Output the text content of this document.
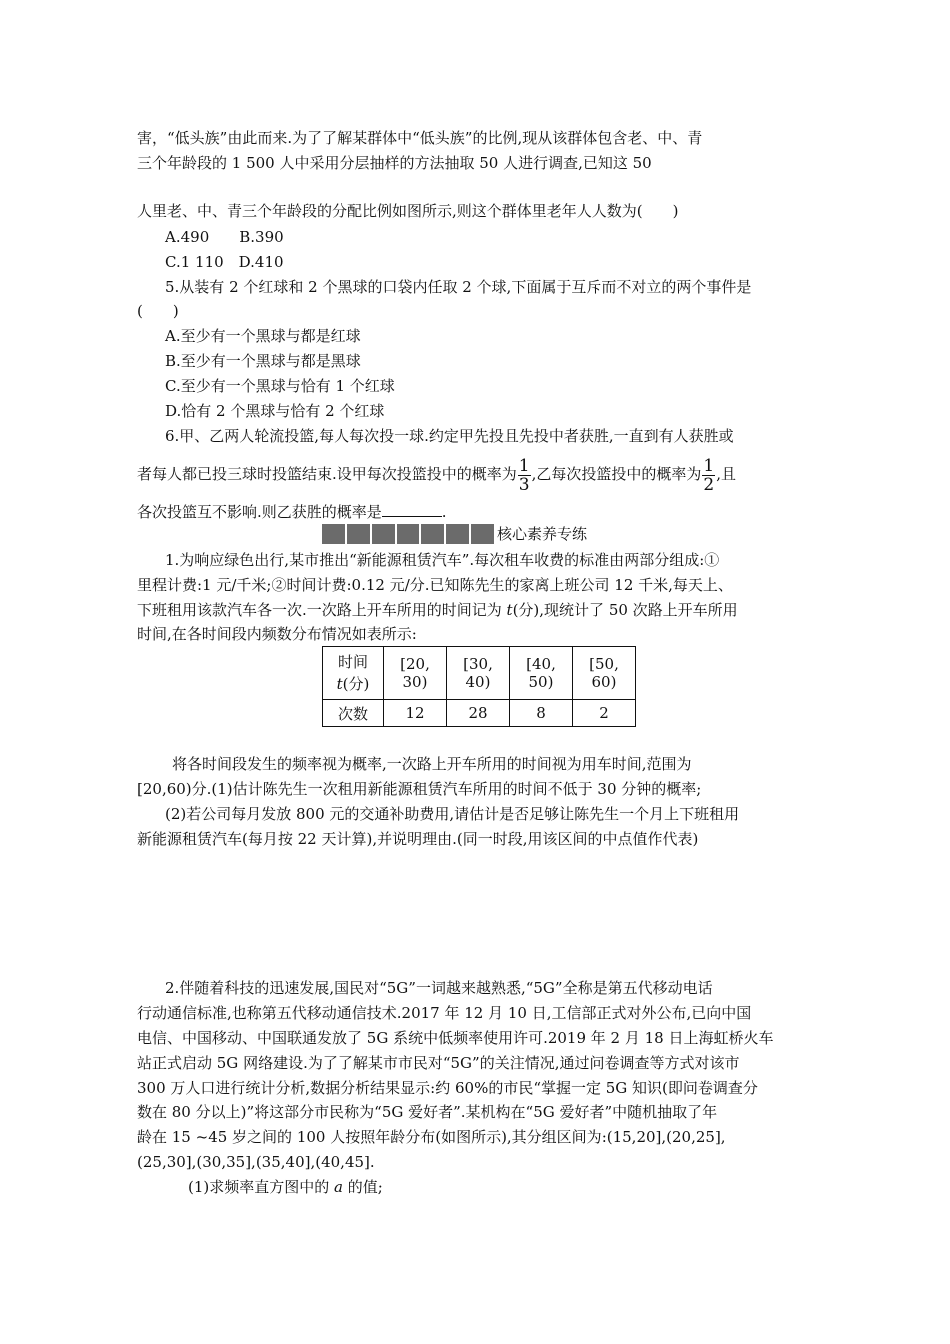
害，“低头族”由此而来.为了了解某群体中“低头族”的比例,现从该群体包含老、中、青
三个年龄段的 1 500 人中采用分层抽样的方法抽取 50 人进行调查,已知这 50
人里老、中、青三个年龄段的分配比例如图所示,则这个群体里老年人人数为(　　)
A.490　　B.390
C.1 110　D.410
5.从装有 2 个红球和 2 个黑球的口袋内任取 2 个球,下面属于互斥而不对立的两个事件是
(　　)
A.至少有一个黑球与都是红球
B.至少有一个黑球与都是黑球
C.至少有一个黑球与恰有 1 个红球
D.恰有 2 个黑球与恰有 2 个红球
6.甲、乙两人轮流投篮,每人每次投一球.约定甲先投且先投中者获胜,一直到有人获胜或
者每人都已投三球时投篮结束.设甲每次投篮投中的概率为 $\frac{1}{3}$ ,乙每次投篮投中的概率为 $\frac{1}{2}$ ,且
各次投篮互不影响.则乙获胜的概率是	.
核心素养专练
1.为响应绿色出行,某市推出“新能源租赁汽车”.每次租车收费的标准由两部分组成:①
里程计费:1 元/千米;②时间计费:0.12 元/分.已知陈先生的家离上班公司 12 千米,每天上、
下班租用该款汽车各一次.一次路上开车所用的时间记为 t(分),现统计了 50 次路上开车所用
时间,在各时间段内频数分布情况如表所示:
时间
t(分)	[20, 30)	[30, 40)	[40, 50)	[50, 60)
次数	12	28	8	2
将各时间段发生的频率视为概率,一次路上开车所用的时间视为用车时间,范围为
[20,60)分.(1)估计陈先生一次租用新能源租赁汽车所用的时间不低于 30 分钟的概率;
(2)若公司每月发放 800 元的交通补助费用,请估计是否足够让陈先生一个月上下班租用
新能源租赁汽车(每月按 22 天计算),并说明理由.(同一时段,用该区间的中点值作代表)
2.伴随着科技的迅速发展,国民对“5G”一词越来越熟悉,“5G”全称是第五代移动电话
行动通信标准,也称第五代移动通信技术.2017 年 12 月 10 日,工信部正式对外公布,已向中国
电信、中国移动、中国联通发放了 5G 系统中低频率使用许可.2019 年 2 月 18 日上海虹桥火车
站正式启动 5G 网络建设.为了了解某市市民对“5G”的关注情况,通过问卷调查等方式对该市
300 万人口进行统计分析,数据分析结果显示:约 60%的市民“掌握一定 5G 知识(即问卷调查分
数在 80 分以上)”将这部分市民称为“5G 爱好者”.某机构在“5G 爱好者”中随机抽取了年
龄在 15 ~45 岁之间的 100 人按照年龄分布(如图所示),其分组区间为:(15,20],(20,25],
(25,30],(30,35],(35,40],(40,45].
(1)求频率直方图中的 a 的值;
